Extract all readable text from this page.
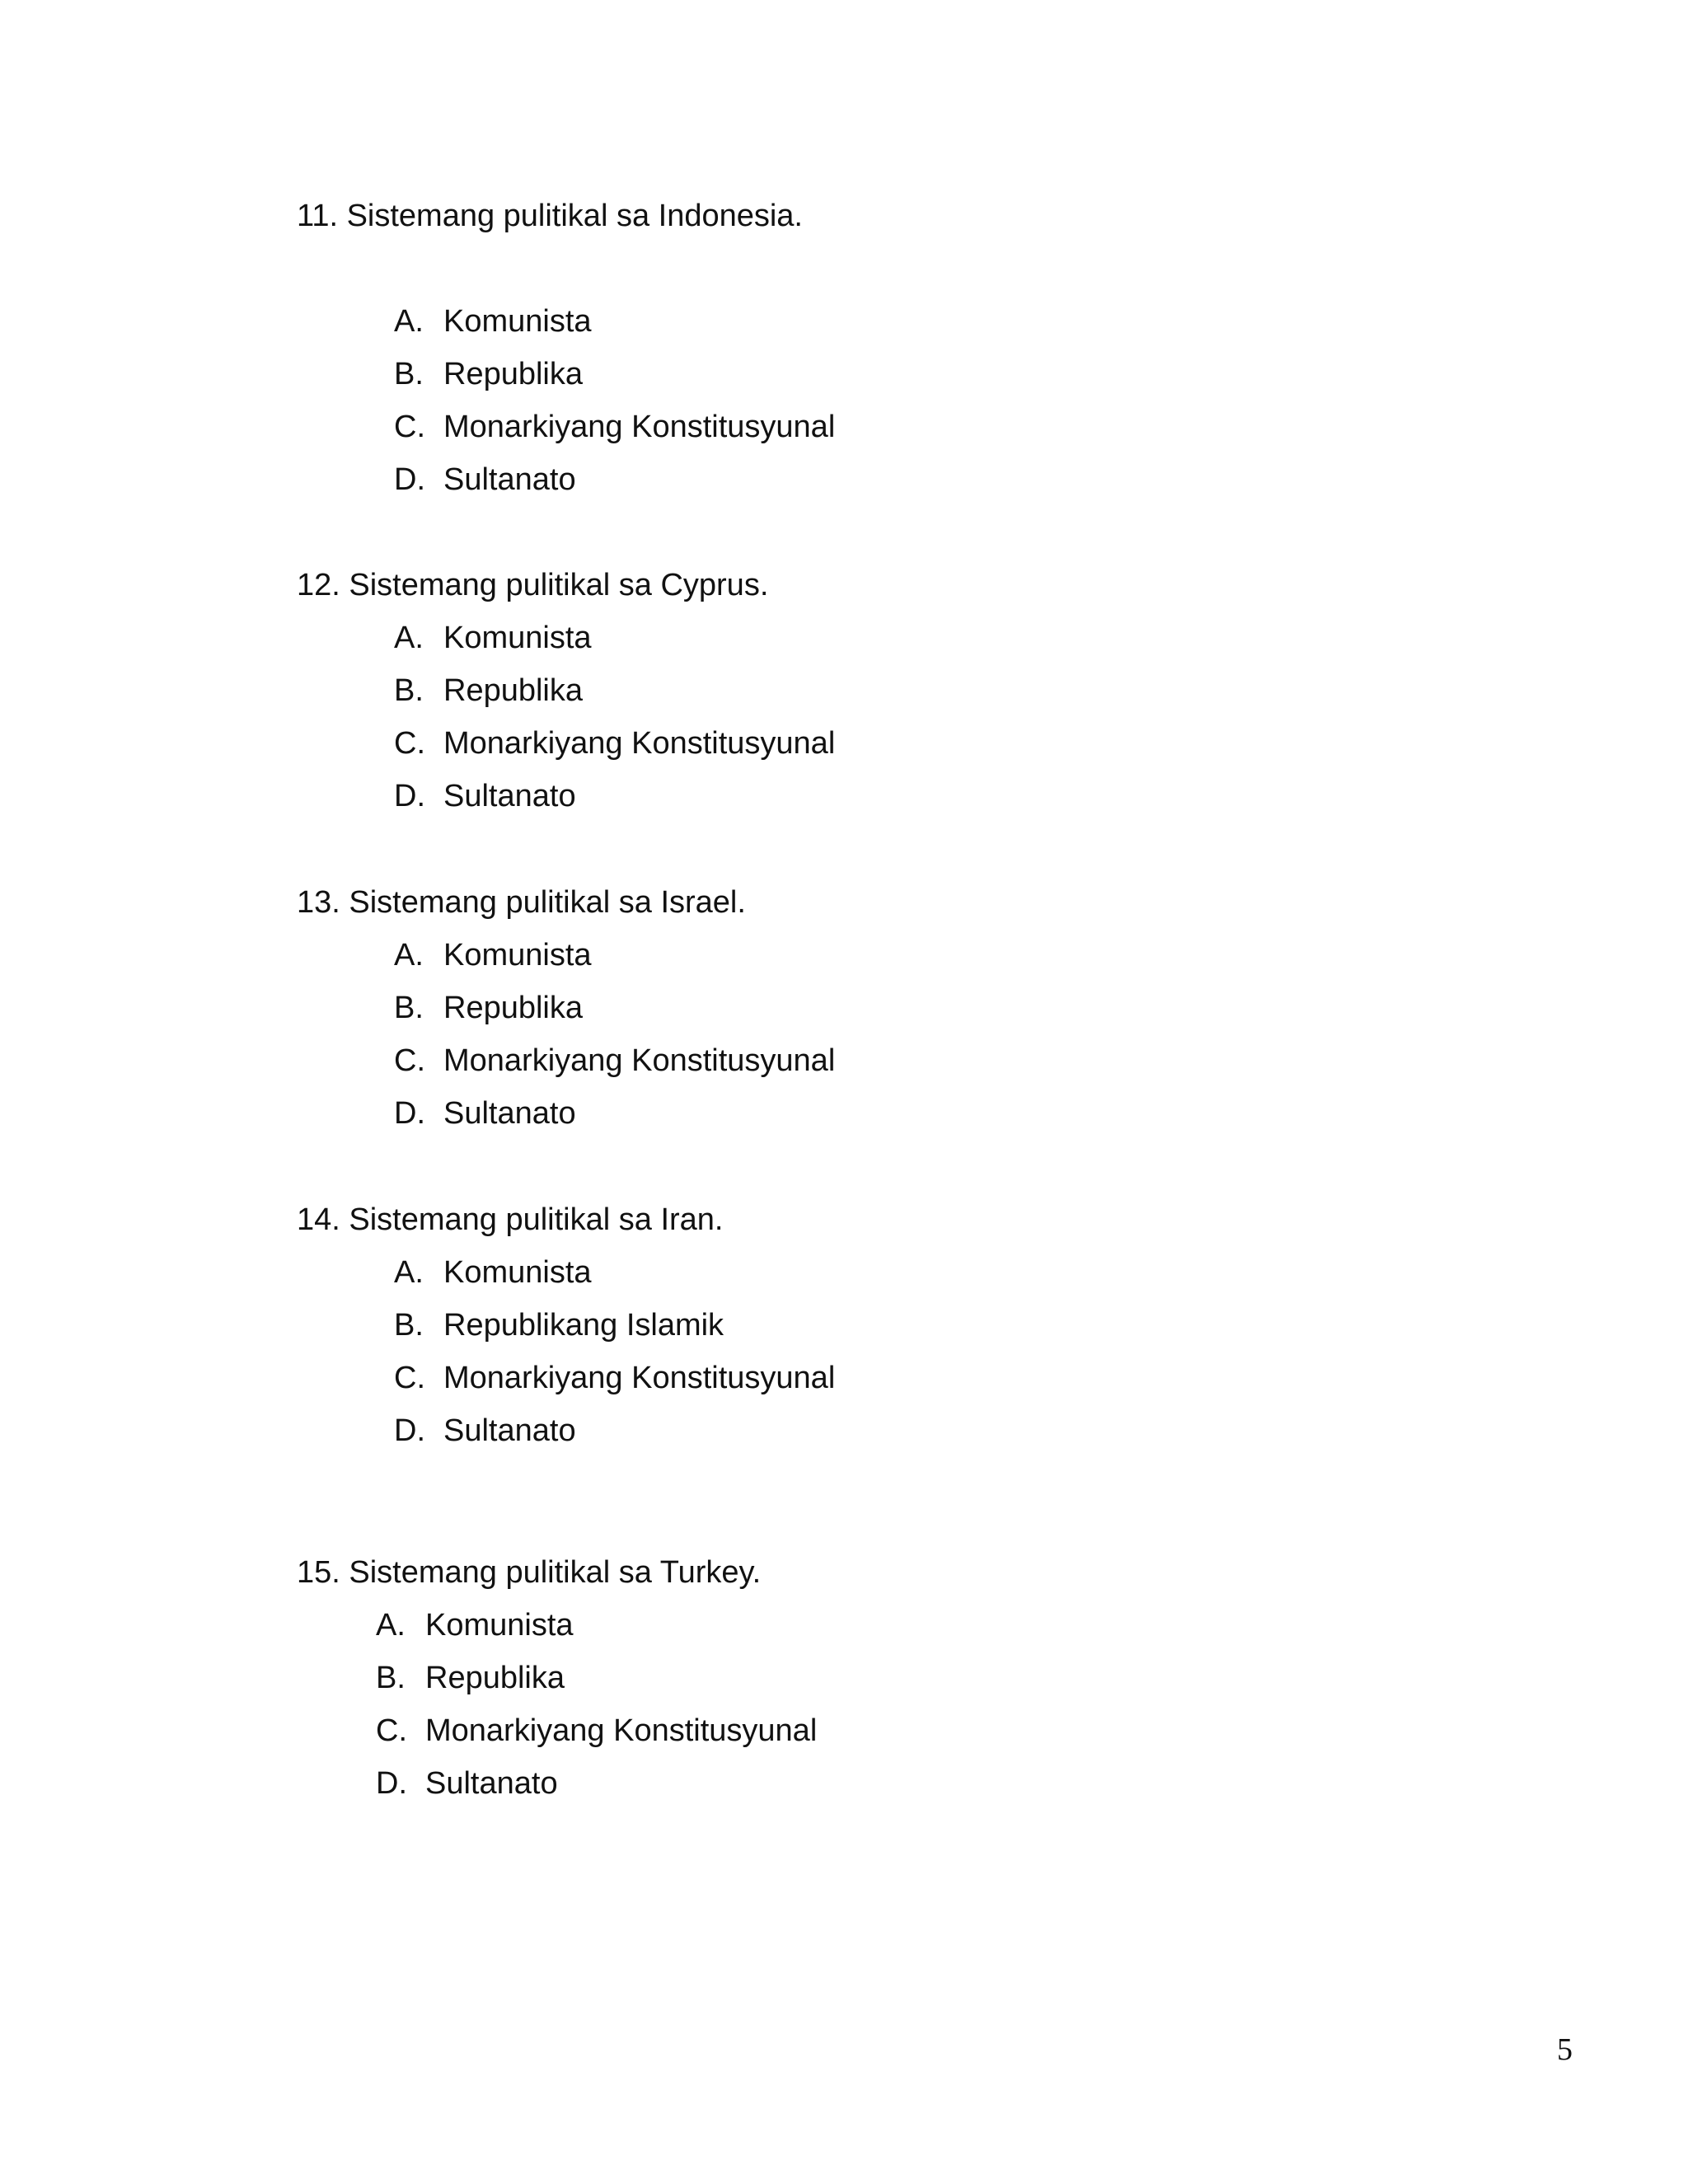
11. Sistemang pulitikal sa Indonesia.
A. Komunista
B. Republika
C. Monarkiyang Konstitusyunal
D. Sultanato
12. Sistemang pulitikal sa Cyprus.
A. Komunista
B. Republika
C. Monarkiyang Konstitusyunal
D. Sultanato
13. Sistemang pulitikal sa Israel.
A. Komunista
B. Republika
C. Monarkiyang Konstitusyunal
D. Sultanato
14. Sistemang pulitikal sa Iran.
A. Komunista
B. Republikang Islamik
C. Monarkiyang Konstitusyunal
D. Sultanato
15. Sistemang pulitikal sa Turkey.
A. Komunista
B. Republika
C. Monarkiyang Konstitusyunal
D. Sultanato
5
